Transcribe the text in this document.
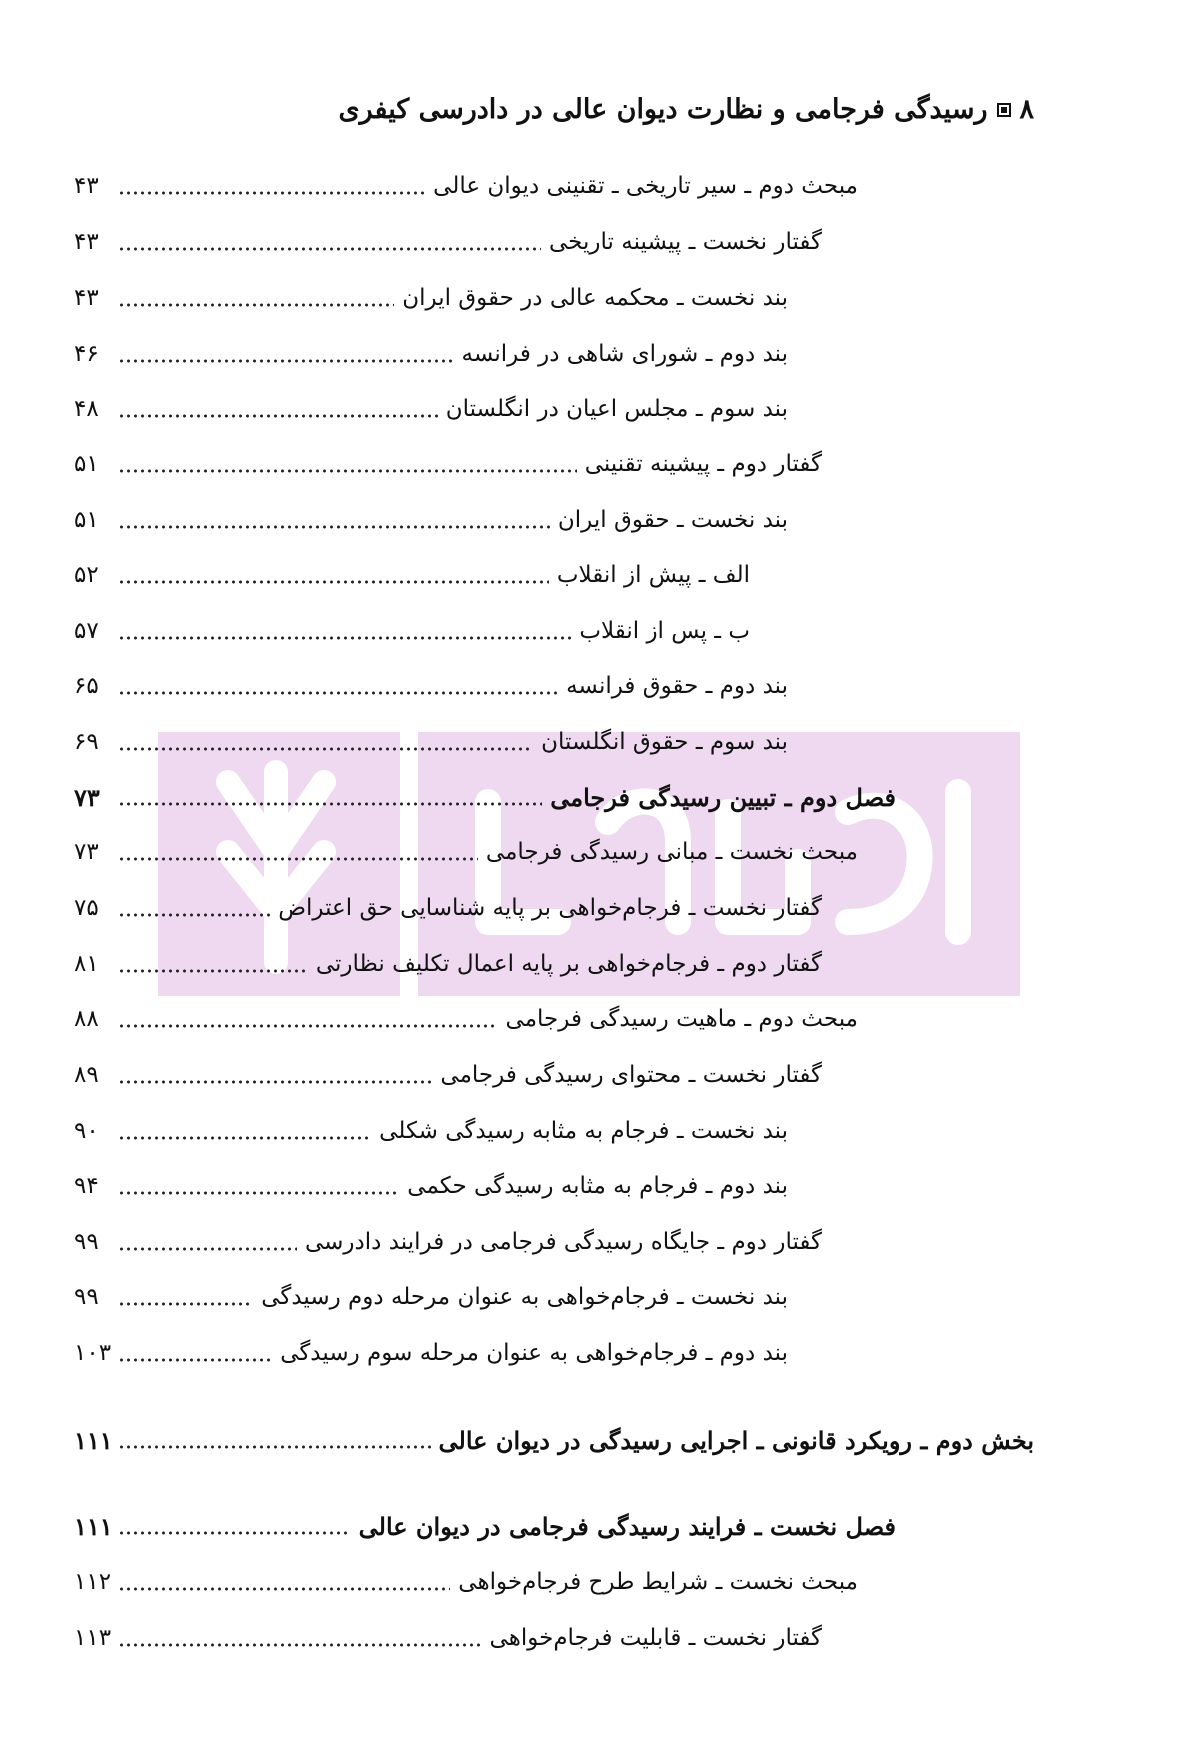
۸
رسیدگی فرجامی و نظارت دیوان عالی در دادرسی کیفری
مبحث دوم ـ سیر تاریخی ـ تقنینی دیوان عالی
۴۳
گفتار نخست ـ پیشینه تاریخی
۴۳
بند نخست ـ محکمه عالی در حقوق ایران
۴۳
بند دوم ـ شورای شاهی در فرانسه
۴۶
بند سوم ـ مجلس اعیان در انگلستان
۴۸
گفتار دوم ـ پیشینه تقنینی
۵۱
بند نخست ـ حقوق ایران
۵۱
الف ـ پیش از انقلاب
۵۲
ب ـ پس از انقلاب
۵۷
بند دوم ـ حقوق فرانسه
۶۵
بند سوم ـ حقوق انگلستان
۶۹
فصل دوم ـ تبیین رسیدگی فرجامی
۷۳
مبحث نخست ـ مبانی رسیدگی فرجامی
۷۳
گفتار نخست ـ فرجام‌خواهی بر پایه شناسایی حق اعتراض
۷۵
گفتار دوم ـ فرجام‌خواهی بر پایه اعمال تکلیف نظارتی
۸۱
مبحث دوم ـ ماهیت رسیدگی فرجامی
۸۸
گفتار نخست ـ محتوای رسیدگی فرجامی
۸۹
بند نخست ـ فرجام به مثابه رسیدگی شکلی
۹۰
بند دوم ـ فرجام به مثابه رسیدگی حکمی
۹۴
گفتار دوم ـ جایگاه رسیدگی فرجامی در فرایند دادرسی
۹۹
بند نخست ـ فرجام‌خواهی به عنوان مرحله دوم رسیدگی
۹۹
بند دوم ـ فرجام‌خواهی به عنوان مرحله سوم رسیدگی
۱۰۳
بخش دوم ـ رویکرد قانونی ـ اجرایی رسیدگی در دیوان عالی
۱۱۱
فصل نخست ـ فرایند رسیدگی فرجامی در دیوان عالی
۱۱۱
مبحث نخست ـ شرایط طرح فرجام‌خواهی
۱۱۲
گفتار نخست ـ قابلیت فرجام‌خواهی
۱۱۳
